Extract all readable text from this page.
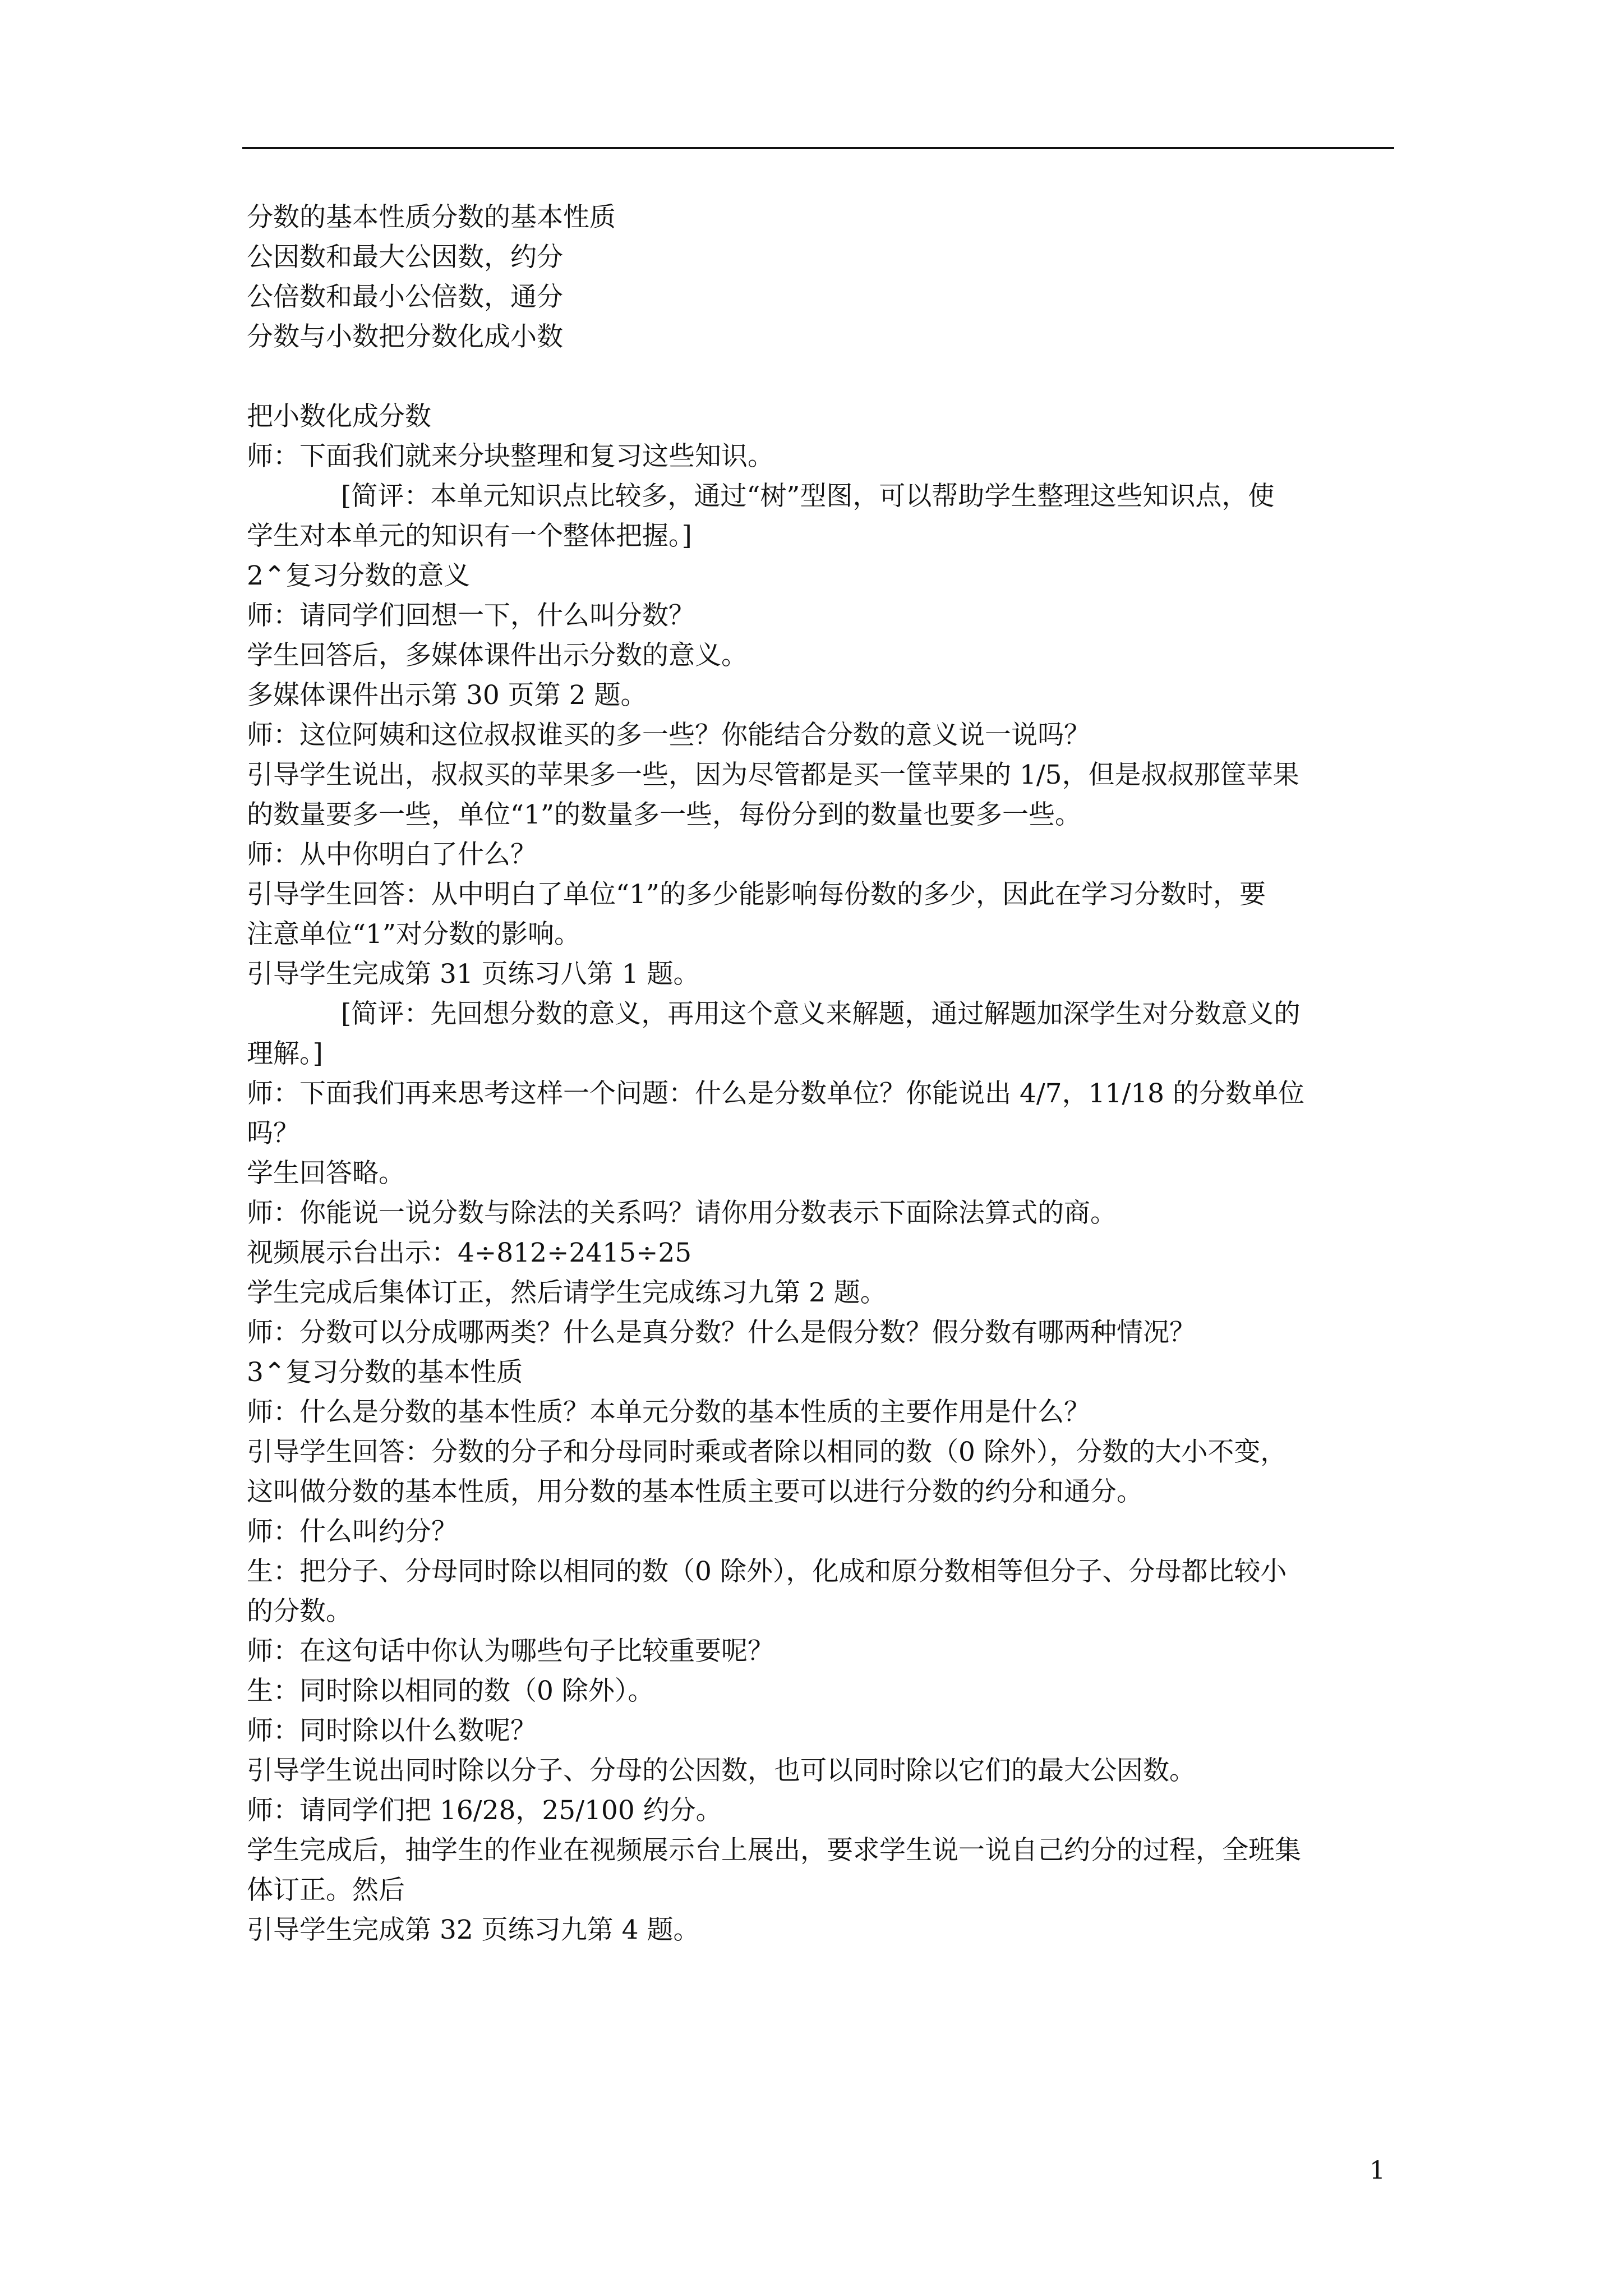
分数的基本性质分数的基本性质
公因数和最大公因数，约分
公倍数和最小公倍数，通分
分数与小数把分数化成小数
把小数化成分数
师：下面我们就来分块整理和复习这些知识。
[简评：本单元知识点比较多，通过“树”型图，可以帮助学生整理这些知识点，使
学生对本单元的知识有一个整体把握。]
2⌃复习分数的意义
师：请同学们回想一下，什么叫分数？
学生回答后，多媒体课件出示分数的意义。
多媒体课件出示第 30 页第 2 题。
师：这位阿姨和这位叔叔谁买的多一些？你能结合分数的意义说一说吗？
引导学生说出，叔叔买的苹果多一些，因为尽管都是买一筐苹果的 1/5，但是叔叔那筐苹果
的数量要多一些，单位“1”的数量多一些，每份分到的数量也要多一些。
师：从中你明白了什么？
引导学生回答：从中明白了单位“1”的多少能影响每份数的多少，因此在学习分数时，要
注意单位“1”对分数的影响。
引导学生完成第 31 页练习八第 1 题。
[简评：先回想分数的意义，再用这个意义来解题，通过解题加深学生对分数意义的
理解。]
师：下面我们再来思考这样一个问题：什么是分数单位？你能说出 4/7，11/18 的分数单位
吗？
学生回答略。
师：你能说一说分数与除法的关系吗？请你用分数表示下面除法算式的商。
视频展示台出示：4÷812÷2415÷25
学生完成后集体订正，然后请学生完成练习九第 2 题。
师：分数可以分成哪两类？什么是真分数？什么是假分数？假分数有哪两种情况？
3⌃复习分数的基本性质
师：什么是分数的基本性质？本单元分数的基本性质的主要作用是什么？
引导学生回答：分数的分子和分母同时乘或者除以相同的数（0 除外），分数的大小不变，
这叫做分数的基本性质，用分数的基本性质主要可以进行分数的约分和通分。
师：什么叫约分？
生：把分子、分母同时除以相同的数（0 除外），化成和原分数相等但分子、分母都比较小
的分数。
师：在这句话中你认为哪些句子比较重要呢？
生：同时除以相同的数（0 除外）。
师：同时除以什么数呢？
引导学生说出同时除以分子、分母的公因数，也可以同时除以它们的最大公因数。
师：请同学们把 16/28，25/100 约分。
学生完成后，抽学生的作业在视频展示台上展出，要求学生说一说自己约分的过程，全班集
体订正。然后
引导学生完成第 32 页练习九第 4 题。
1
